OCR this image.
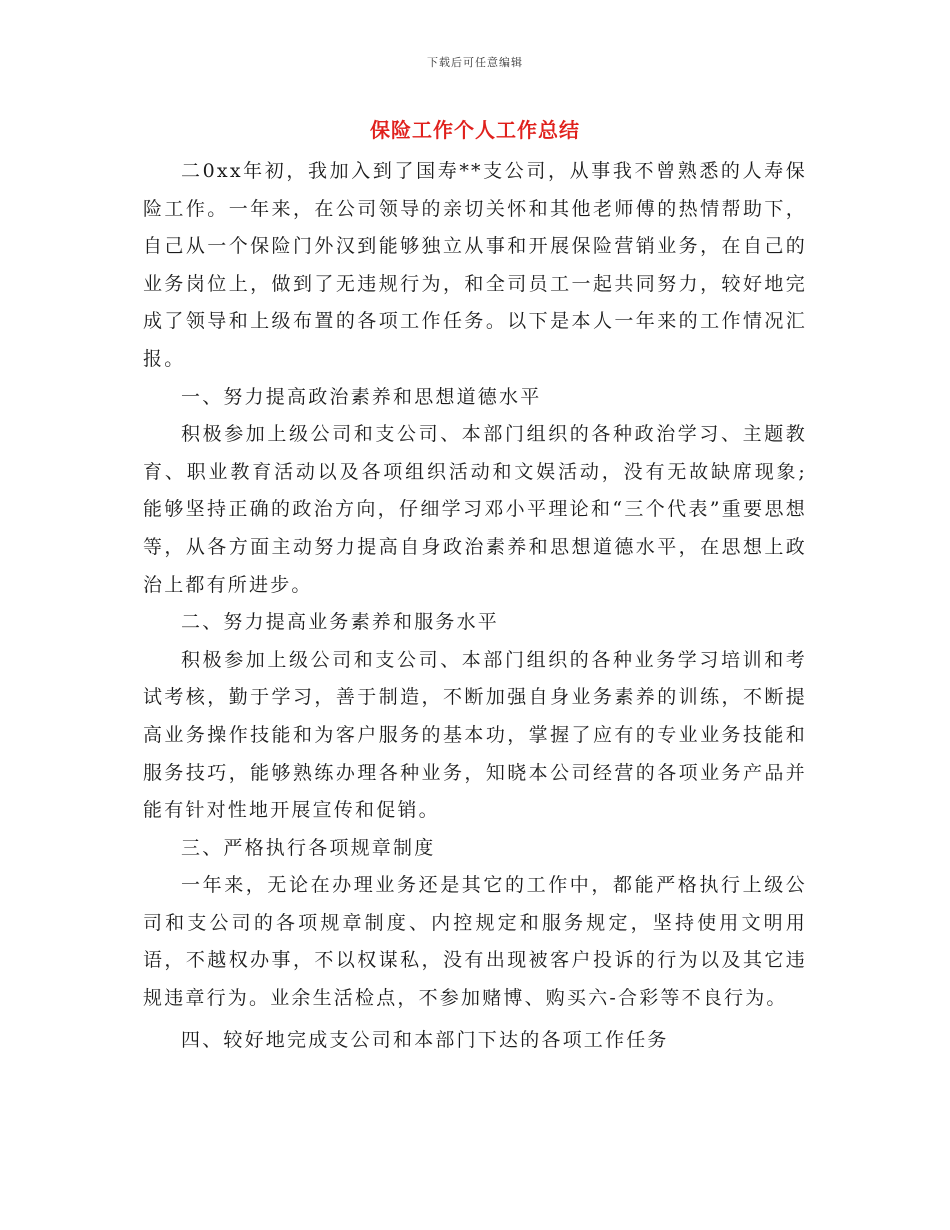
下载后可任意编辑
保险工作个人工作总结

二0xx年初，我加入到了国寿**支公司，从事我不曾熟悉的人寿保险工作。一年来，在公司领导的亲切关怀和其他老师傅的热情帮助下，自己从一个保险门外汉到能够独立从事和开展保险营销业务，在自己的业务岗位上，做到了无违规行为，和全司员工一起共同努力，较好地完成了领导和上级布置的各项工作任务。以下是本人一年来的工作情况汇报。

一、努力提高政治素养和思想道德水平

积极参加上级公司和支公司、本部门组织的各种政治学习、主题教育、职业教育活动以及各项组织活动和文娱活动，没有无故缺席现象;能够坚持正确的政治方向，仔细学习邓小平理论和“三个代表”重要思想等，从各方面主动努力提高自身政治素养和思想道德水平，在思想上政治上都有所进步。

二、努力提高业务素养和服务水平

积极参加上级公司和支公司、本部门组织的各种业务学习培训和考试考核，勤于学习，善于制造，不断加强自身业务素养的训练，不断提高业务操作技能和为客户服务的基本功，掌握了应有的专业业务技能和服务技巧，能够熟练办理各种业务，知晓本公司经营的各项业务产品并能有针对性地开展宣传和促销。

三、严格执行各项规章制度

一年来，无论在办理业务还是其它的工作中，都能严格执行上级公司和支公司的各项规章制度、内控规定和服务规定，坚持使用文明用语，不越权办事，不以权谋私，没有出现被客户投诉的行为以及其它违规违章行为。业余生活检点，不参加赌博、购买六-合彩等不良行为。

四、较好地完成支公司和本部门下达的各项工作任务
